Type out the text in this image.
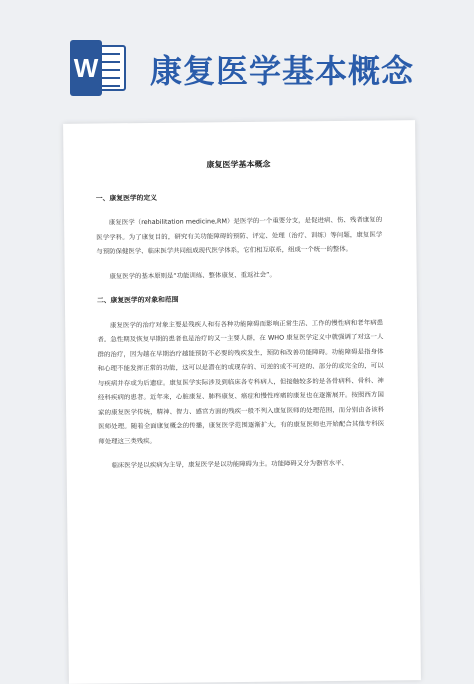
W 康复医学基本概念
康复医学基本概念
一、康复医学的定义
康复医学（rehabilitation medicine,RM）是医学的一个重要分支，是促进病、伤、残者康复的医学学科。为了康复目的，研究有关功能障碍的预防、评定、处理（治疗、训练）等问题，康复医学与预防保健医学、临床医学共同组成现代医学体系，它们相互联系，组成一个统一的整体。
康复医学的基本原则是“功能训练、整体康复、重返社会”。
二、康复医学的对象和范围
康复医学的治疗对象主要是残疾人和有各种功能障碍而影响正常生活、工作的慢性病和老年病患者。急性期及恢复早期的患者也是治疗的又一主要人群，在 WHO 康复医学定义中就强调了对这一人群的治疗，因为越在早期治疗越能预防不必要的残疾发生，预防和改善功能障碍。功能障碍是指身体和心理不能发挥正常的功能，这可以是潜在的或现存的、可逆的或不可逆的、部分的或完全的，可以与疾病并存或为后遗症。康复医学实际涉及到临床各专科病人，但接触较多的是各骨病科、骨科、神经科疾病的患者。近年来，心脏康复、肺科康复、癌症和慢性疼痛的康复也在逐渐展开。按照西方国家的康复医学传统，精神、智力、感官方面的残疾一般不列入康复医师的处理范围，而分别由各该科医师处理。随着全面康复概念的传播，康复医学范围逐渐扩大，有的康复医师也开始配合其他专科医师处理这三类残疾。
临床医学是以疾病为主导，康复医学是以功能障碍为主。功能障碍又分为器官水平、
